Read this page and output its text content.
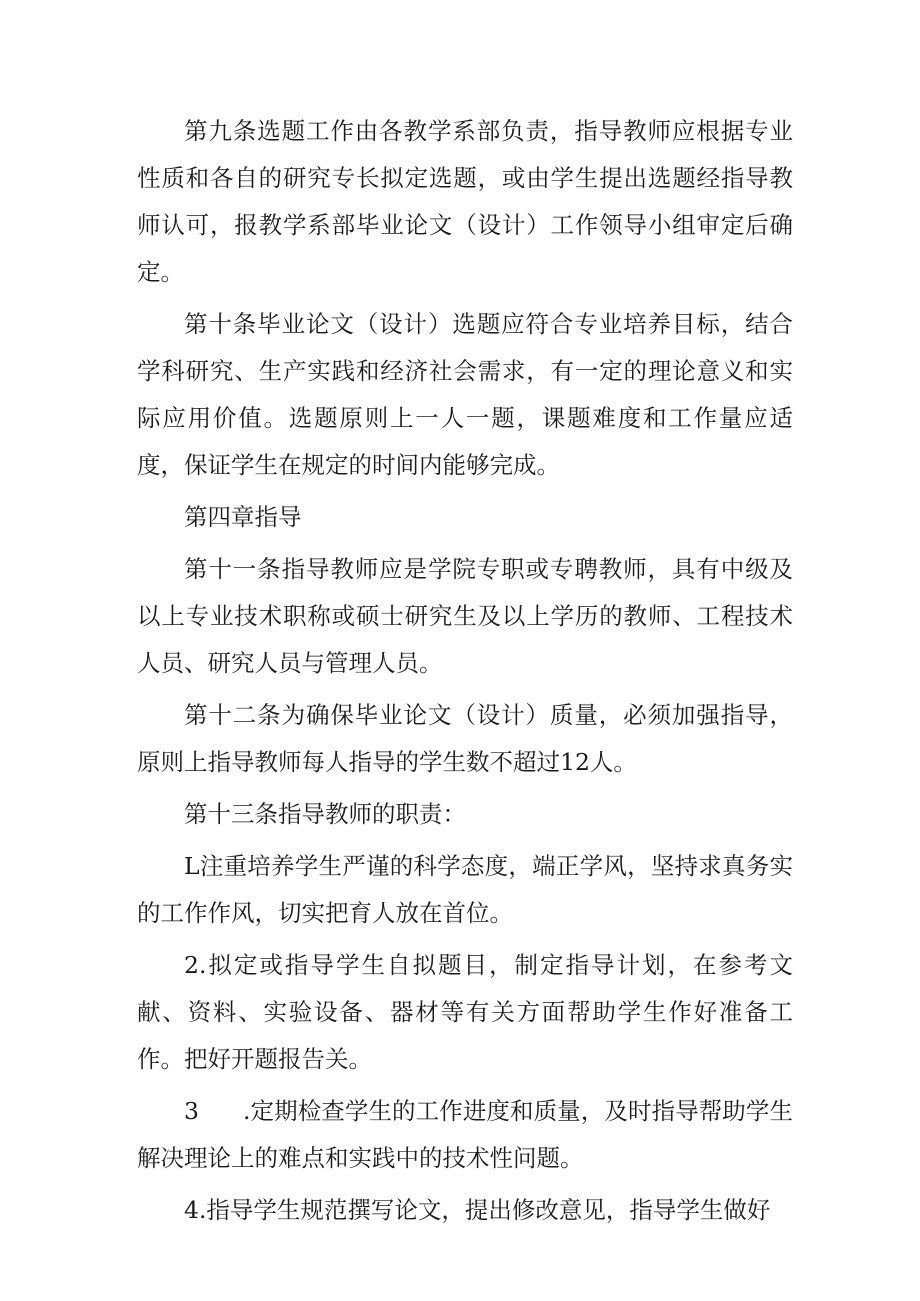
第九条选题工作由各教学系部负责，指导教师应根据专业性质和各自的研究专长拟定选题，或由学生提出选题经指导教师认可，报教学系部毕业论文（设计）工作领导小组审定后确定。

第十条毕业论文（设计）选题应符合专业培养目标，结合学科研究、生产实践和经济社会需求，有一定的理论意义和实际应用价值。选题原则上一人一题，课题难度和工作量应适度，保证学生在规定的时间内能够完成。

第四章指导

第十一条指导教师应是学院专职或专聘教师，具有中级及以上专业技术职称或硕士研究生及以上学历的教师、工程技术人员、研究人员与管理人员。

第十二条为确保毕业论文（设计）质量，必须加强指导，原则上指导教师每人指导的学生数不超过12人。

第十三条指导教师的职责：

L注重培养学生严谨的科学态度，端正学风，坚持求真务实的工作作风，切实把育人放在首位。

2.拟定或指导学生自拟题目，制定指导计划，在参考文献、资料、实验设备、器材等有关方面帮助学生作好准备工作。把好开题报告关。

3 .定期检查学生的工作进度和质量，及时指导帮助学生解决理论上的难点和实践中的技术性问题。

4.指导学生规范撰写论文，提出修改意见，指导学生做好
